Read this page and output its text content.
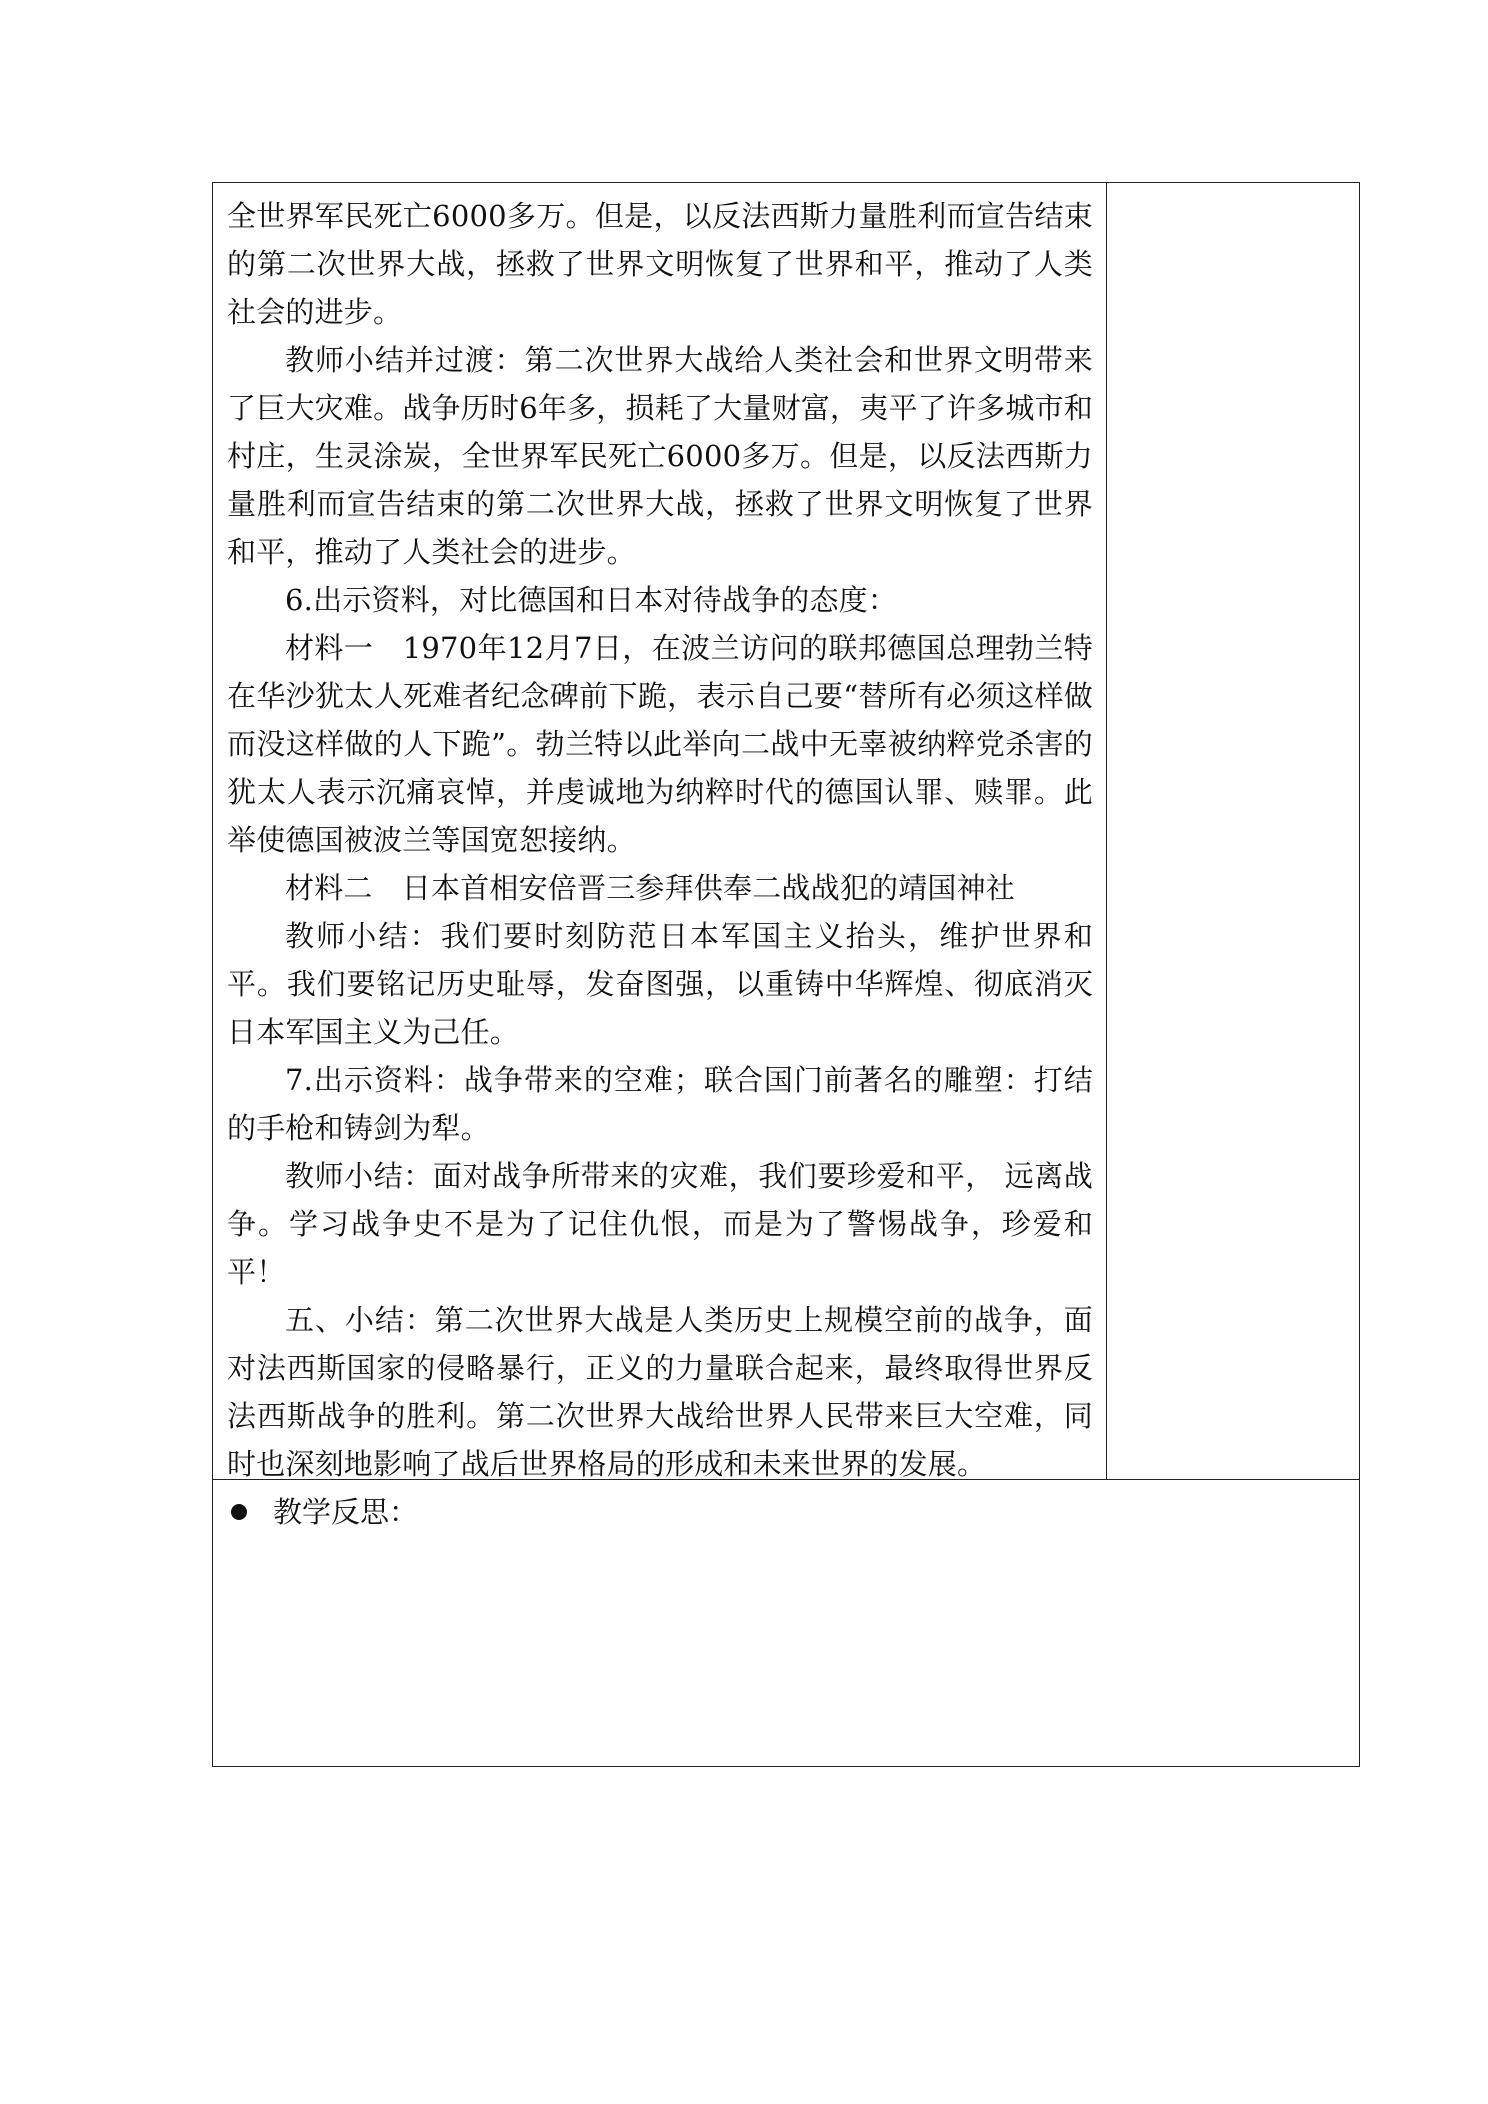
全世界军民死亡6000多万。但是，以反法西斯力量胜利而宣告结束的第二次世界大战，拯救了世界文明恢复了世界和平，推动了人类社会的进步。

教师小结并过渡：第二次世界大战给人类社会和世界文明带来了巨大灾难。战争历时6年多，损耗了大量财富，夷平了许多城市和村庄，生灵涂炭，全世界军民死亡6000多万。但是，以反法西斯力量胜利而宣告结束的第二次世界大战，拯救了世界文明恢复了世界和平，推动了人类社会的进步。

6.出示资料，对比德国和日本对待战争的态度：

材料一　1970年12月7日，在波兰访问的联邦德国总理勃兰特在华沙犹太人死难者纪念碑前下跪，表示自己要“替所有必须这样做而没这样做的人下跪”。勃兰特以此举向二战中无辜被纳粹党杀害的犹太人表示沉痛哀悼，并虔诚地为纳粹时代的德国认罪、赎罪。此举使德国被波兰等国宽恕接纳。

材料二　日本首相安倍晋三参拜供奉二战战犯的靖国神社

教师小结：我们要时刻防范日本军国主义抬头，维护世界和平。我们要铭记历史耻辱，发奋图强，以重铸中华辉煌、彻底消灭日本军国主义为己任。

7.出示资料：战争带来的空难；联合国门前著名的雕塑：打结的手枪和铸剑为犁。

教师小结：面对战争所带来的灾难，我们要珍爱和平， 远离战争。学习战争史不是为了记住仇恨，而是为了警惕战争，珍爱和平！

五、小结：第二次世界大战是人类历史上规模空前的战争，面对法西斯国家的侵略暴行，正义的力量联合起来，最终取得世界反法西斯战争的胜利。第二次世界大战给世界人民带来巨大空难，同时也深刻地影响了战后世界格局的形成和未来世界的发展。

教学反思：
